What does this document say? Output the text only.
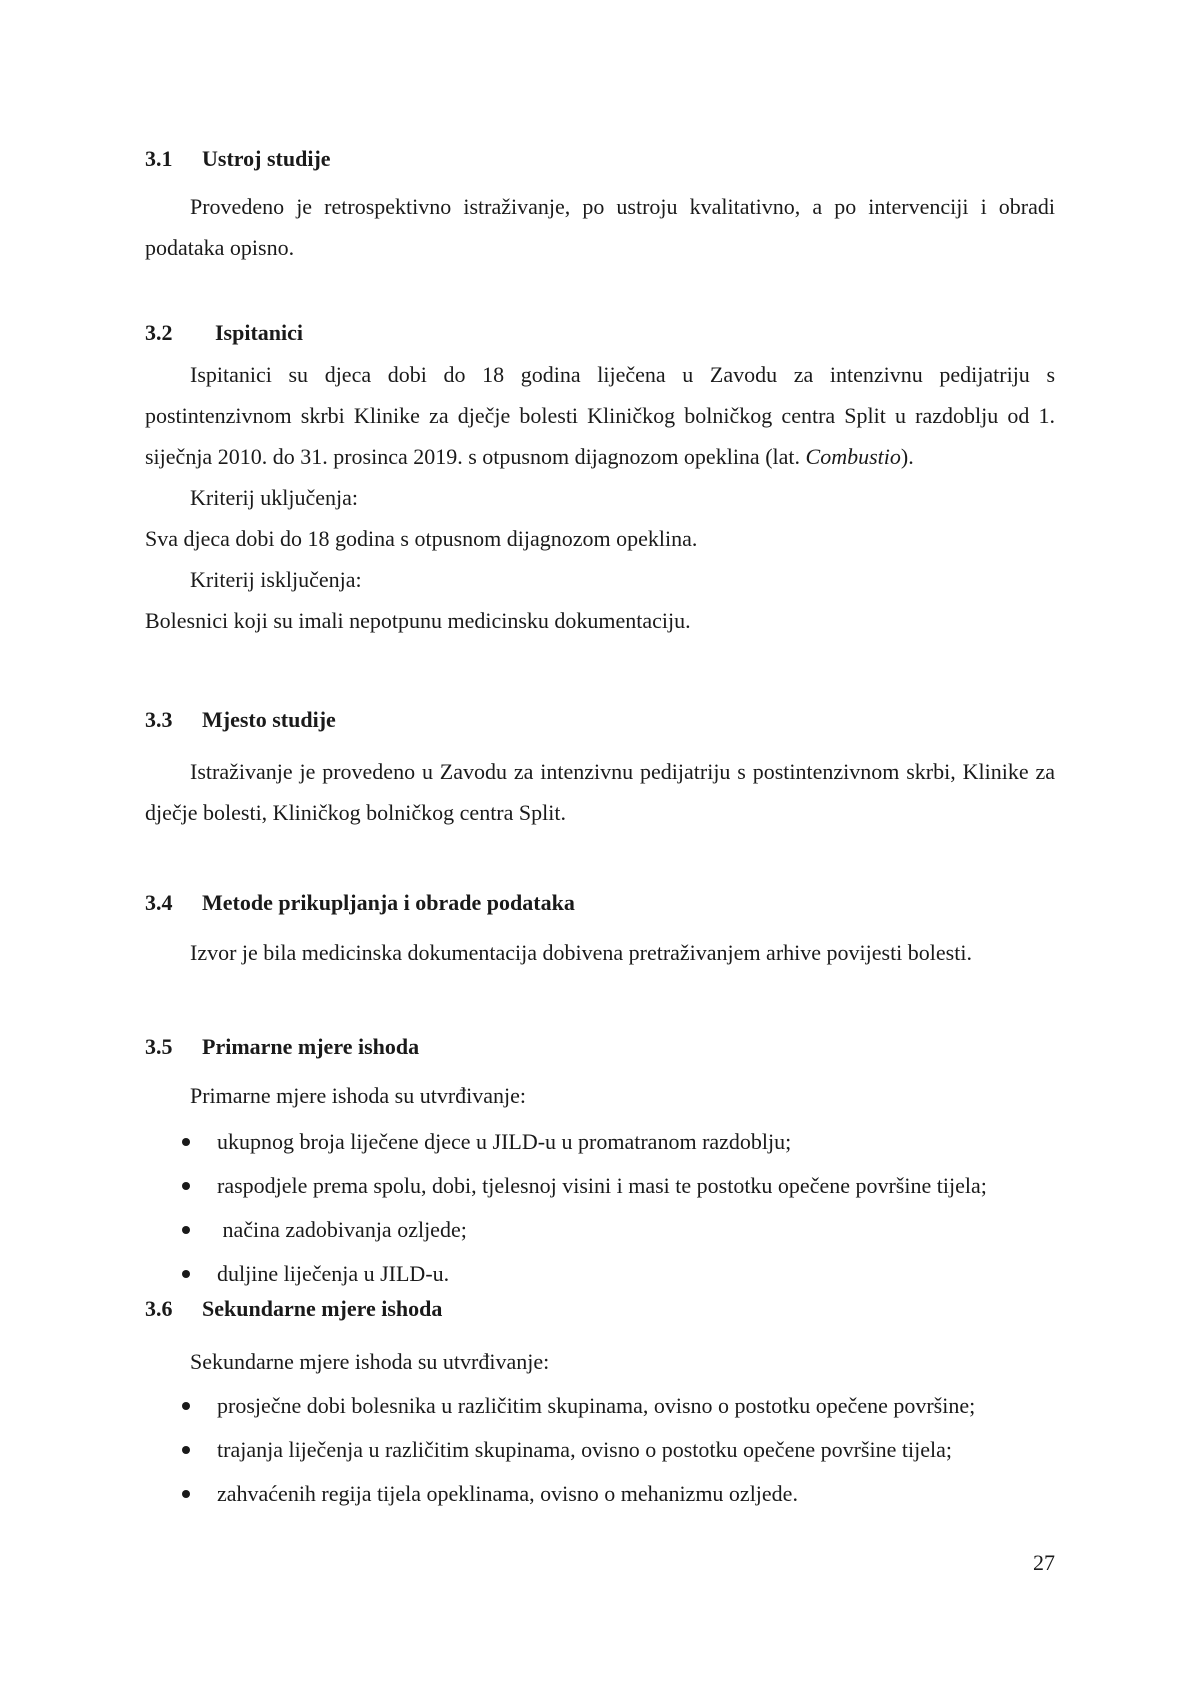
3.1 Ustroj studije

Provedeno je retrospektivno istraživanje, po ustroju kvalitativno, a po intervenciji i obradi podataka opisno.

3.2 Ispitanici

Ispitanici su djeca dobi do 18 godina liječena u Zavodu za intenzivnu pedijatriju s postintenzivnom skrbi Klinike za dječje bolesti Kliničkog bolničkog centra Split u razdoblju od 1. siječnja 2010. do 31. prosinca 2019. s otpusnom dijagnozom opeklina (lat. Combustio).

Kriterij uključenja:

Sva djeca dobi do 18 godina s otpusnom dijagnozom opeklina.

Kriterij isključenja:

Bolesnici koji su imali nepotpunu medicinsku dokumentaciju.

3.3 Mjesto studije

Istraživanje je provedeno u Zavodu za intenzivnu pedijatriju s postintenzivnom skrbi, Klinike za dječje bolesti, Kliničkog bolničkog centra Split.

3.4 Metode prikupljanja i obrade podataka

Izvor je bila medicinska dokumentacija dobivena pretraživanjem arhive povijesti bolesti.

3.5 Primarne mjere ishoda

Primarne mjere ishoda su utvrđivanje:

ukupnog broja liječene djece u JILD-u u promatranom razdoblju;
raspodjele prema spolu, dobi, tjelesnoj visini i masi te postotku opečene površine tijela;
načina zadobivanja ozljede;
duljine liječenja u JILD-u.
3.6 Sekundarne mjere ishoda

Sekundarne mjere ishoda su utvrđivanje:

prosječne dobi bolesnika u različitim skupinama, ovisno o postotku opečene površine;
trajanja liječenja u različitim skupinama, ovisno o postotku opečene površine tijela;
zahvaćenih regija tijela opeklinama, ovisno o mehanizmu ozljede.
27
